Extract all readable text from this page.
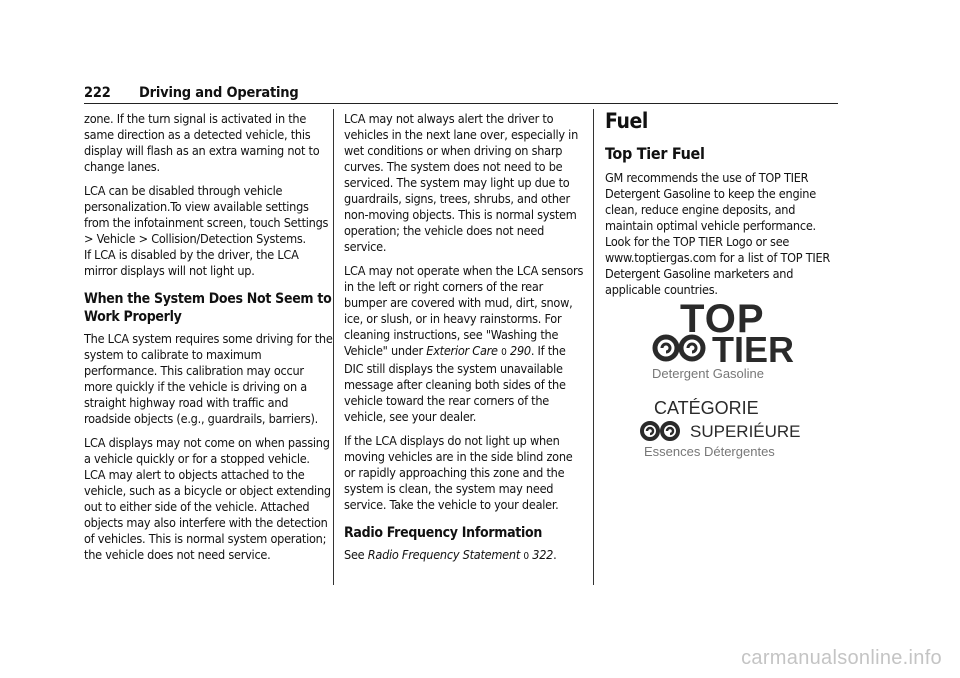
222 Driving and Operating

zone. If the turn signal is activated in the same direction as a detected vehicle, this display will flash as an extra warning not to change lanes.

LCA can be disabled through vehicle personalization.To view available settings from the infotainment screen, touch Settings > Vehicle > Collision/Detection Systems.

If LCA is disabled by the driver, the LCA mirror displays will not light up.

When the System Does Not Seem to Work Properly

The LCA system requires some driving for the system to calibrate to maximum performance. This calibration may occur more quickly if the vehicle is driving on a straight highway road with traffic and roadside objects (e.g., guardrails, barriers).

LCA displays may not come on when passing a vehicle quickly or for a stopped vehicle. LCA may alert to objects attached to the vehicle, such as a bicycle or object extending out to either side of the vehicle. Attached objects may also interfere with the detection of vehicles. This is normal system operation; the vehicle does not need service.

LCA may not always alert the driver to vehicles in the next lane over, especially in wet conditions or when driving on sharp curves. The system does not need to be serviced. The system may light up due to guardrails, signs, trees, shrubs, and other non-moving objects. This is normal system operation; the vehicle does not need service.

LCA may not operate when the LCA sensors in the left or right corners of the rear bumper are covered with mud, dirt, snow, ice, or slush, or in heavy rainstorms. For cleaning instructions, see "Washing the Vehicle" under Exterior Care 0 290. If the DIC still displays the system unavailable message after cleaning both sides of the vehicle toward the rear corners of the vehicle, see your dealer.

If the LCA displays do not light up when moving vehicles are in the side blind zone or rapidly approaching this zone and the system is clean, the system may need service. Take the vehicle to your dealer.

Radio Frequency Information

See Radio Frequency Statement 0 322.

Fuel
Top Tier Fuel

GM recommends the use of TOP TIER Detergent Gasoline to keep the engine clean, reduce engine deposits, and maintain optimal vehicle performance. Look for the TOP TIER Logo or see www.toptiergas.com for a list of TOP TIER Detergent Gasoline marketers and applicable countries.

TOP
TIER
Detergent Gasoline
CATÉGORIE
SUPERIÉURE
Essences Détergentes
carmanualsonline.info
